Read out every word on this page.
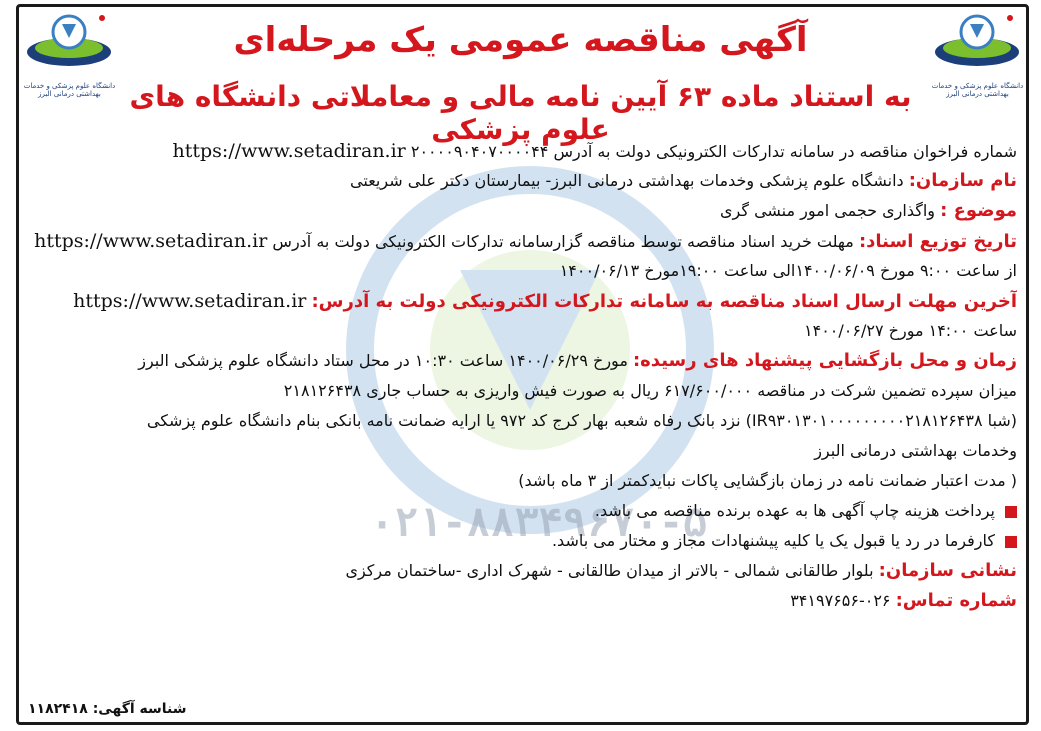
۰۲۱-۸۸۳۴۹۶۷۰-۵
دانشگاه علوم پزشکی و خدمات بهداشتی درمانی البرز
دانشگاه علوم پزشکی و خدمات بهداشتی درمانی البرز
آگهی مناقصه عمومی یک مرحله‌ای
به استناد ماده ۶۳ آیین نامه مالی و معاملاتی دانشگاه های علوم پزشکی
شماره فراخوان مناقصه در سامانه تدارکات الکترونیکی دولت به آدرس https://www.setadiran.ir ۲۰۰۰۰۹۰۴۰۷۰۰۰۰۴۴
نام سازمان: دانشگاه علوم پزشکی وخدمات بهداشتی درمانی البرز- بیمارستان دکتر علی شریعتی
موضوع : واگذاری حجمی امور منشی گری
تاریخ توزیع اسناد: مهلت خرید اسناد مناقصه توسط مناقصه گزارسامانه تدارکات الکترونیکی دولت به آدرس https://www.setadiran.ir
از ساعت ۹:۰۰ مورخ ۱۴۰۰/۰۶/۰۹الی ساعت ۱۹:۰۰مورخ ۱۴۰۰/۰۶/۱۳
آخرین مهلت ارسال اسناد مناقصه به سامانه تدارکات الکترونیکی دولت به آدرس: https://www.setadiran.ir
ساعت ۱۴:۰۰ مورخ ۱۴۰۰/۰۶/۲۷
زمان و محل بازگشایی پیشنهاد های رسیده: مورخ ۱۴۰۰/۰۶/۲۹ ساعت ۱۰:۳۰ در محل ستاد دانشگاه علوم پزشکی البرز
میزان سپرده تضمین شرکت در مناقصه ۶۱۷/۶۰۰/۰۰۰ ریال به صورت فیش واریزی به حساب جاری ۲۱۸۱۲۶۴۳۸
(شبا IR۹۳۰۱۳۰۱۰۰۰۰۰۰۰۰۰۲۱۸۱۲۶۴۳۸) نزد بانک رفاه شعبه بهار کرج کد ۹۷۲ یا ارایه ضمانت نامه بانکی بنام دانشگاه علوم پزشکی
وخدمات بهداشتی درمانی البرز
( مدت اعتبار ضمانت نامه در زمان بازگشایی پاکات نبایدکمتر از ۳ ماه باشد)
پرداخت هزینه چاپ آگهی ها به عهده برنده مناقصه می باشد.
کارفرما در رد یا قبول یک یا کلیه پیشنهادات مجاز و مختار می باشد.
نشانی سازمان: بلوار طالقانی شمالی - بالاتر از میدان طالقانی - شهرک اداری -ساختمان مرکزی
شماره تماس: ۰۲۶-۳۴۱۹۷۶۵۶
شناسه آگهی: ۱۱۸۲۴۱۸
